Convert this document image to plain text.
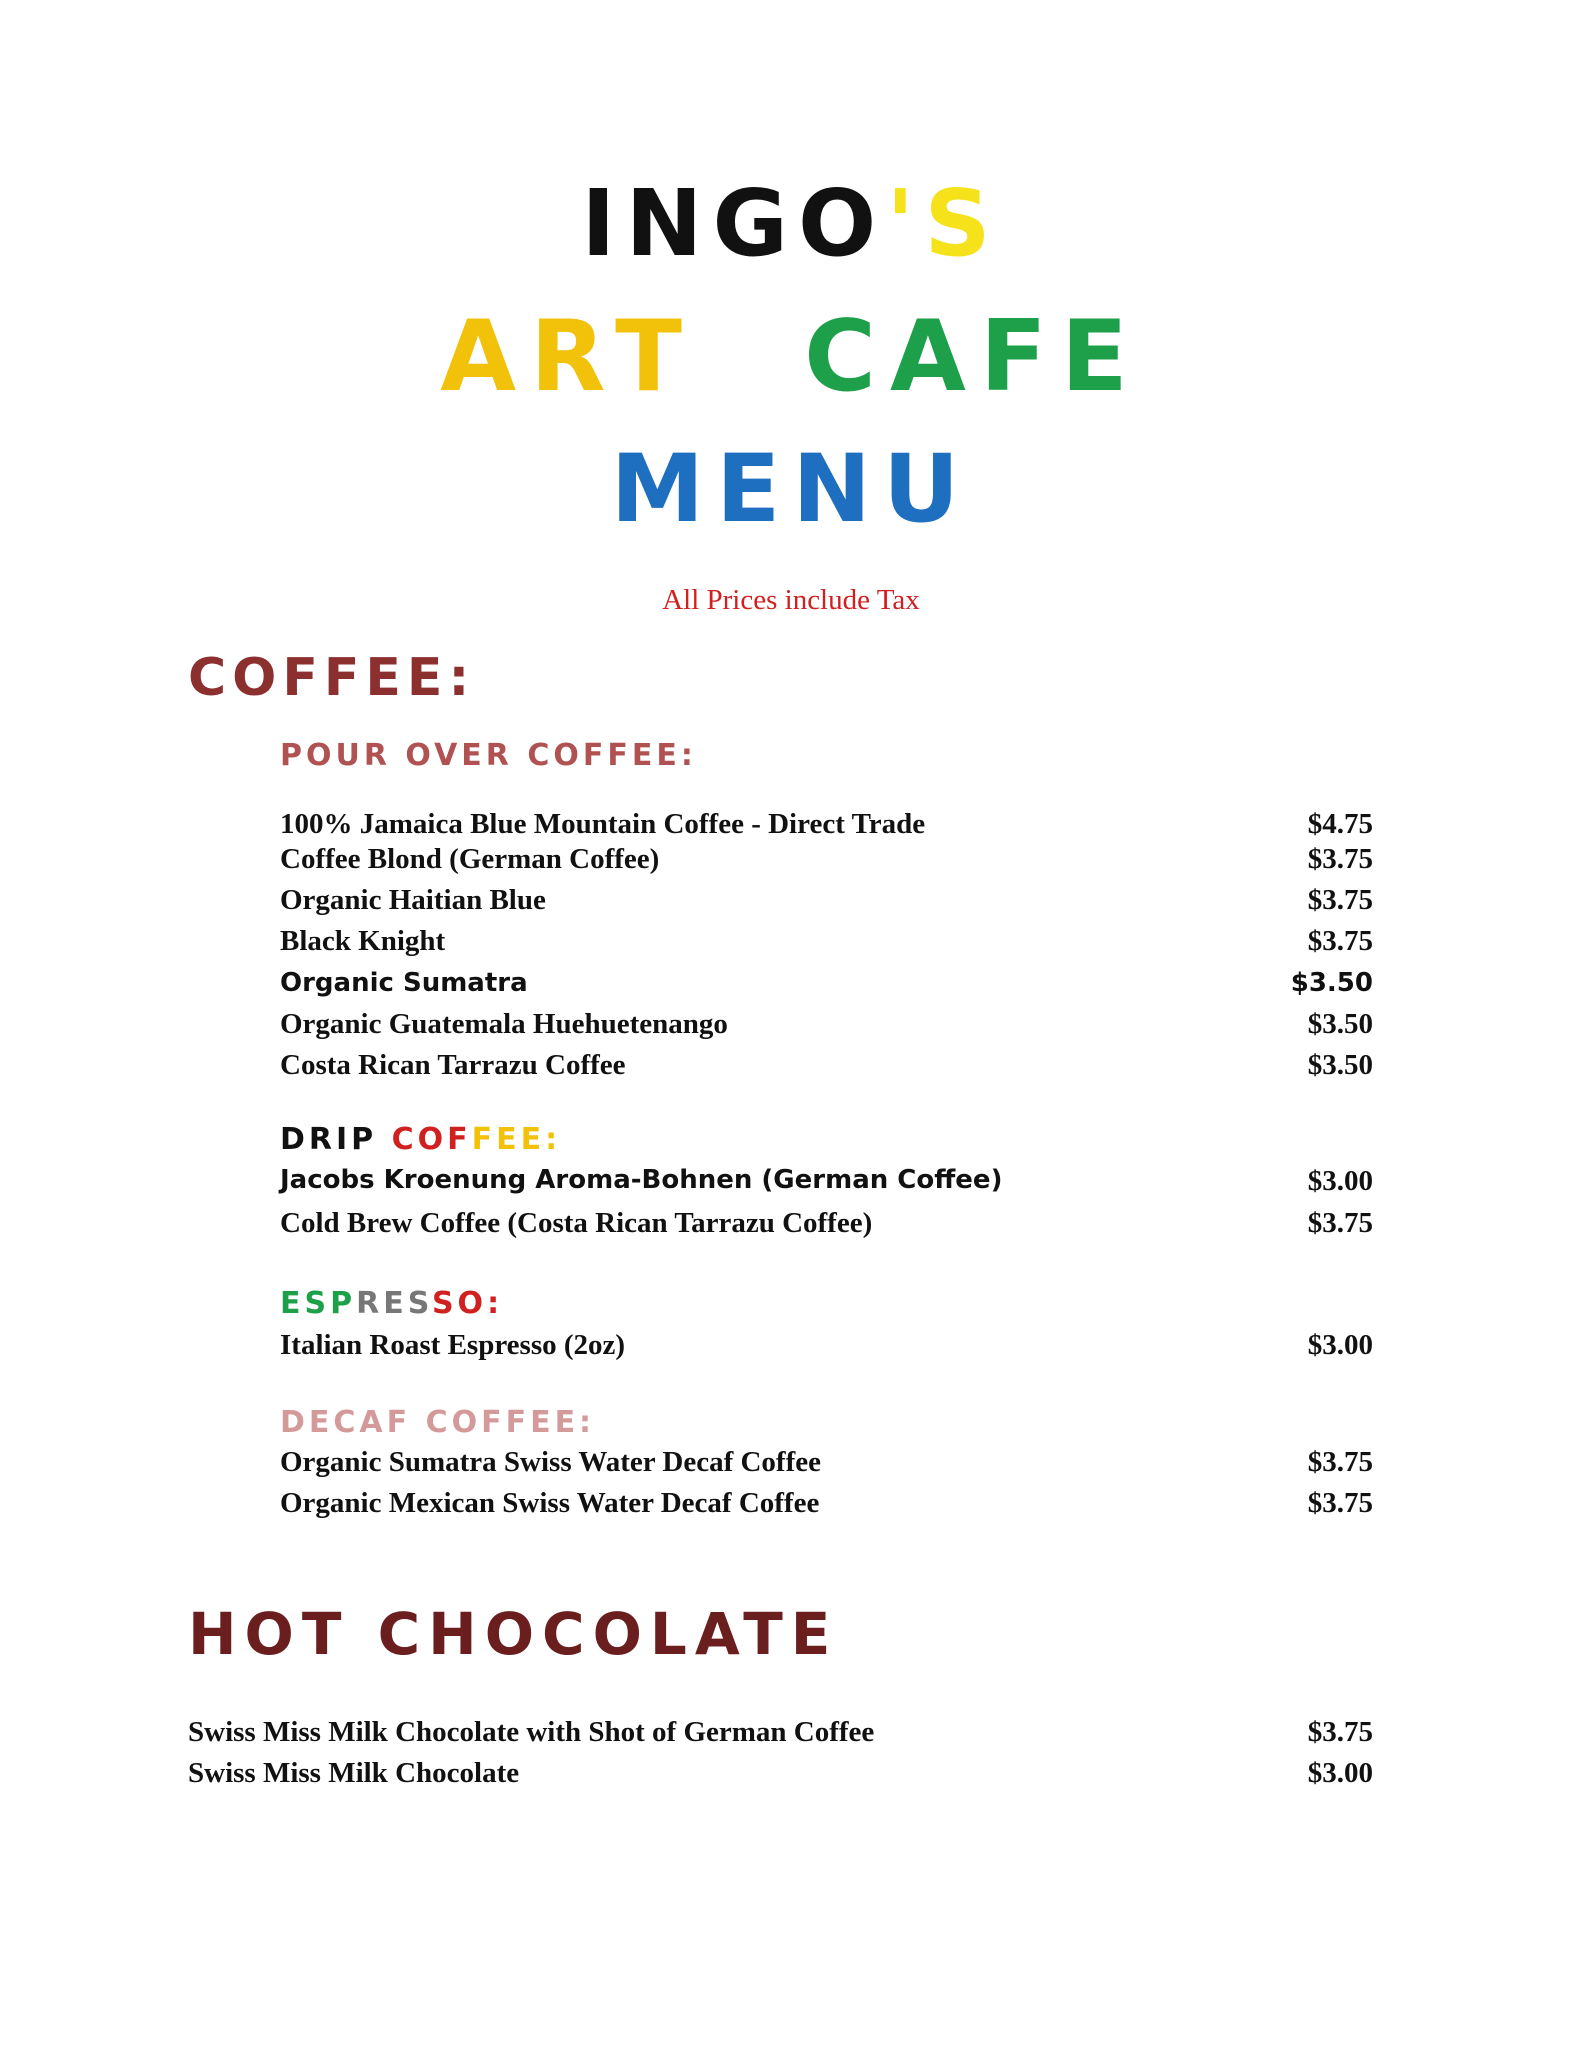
INGO'S
ART CAFE
MENU
All Prices include Tax
COFFEE:
POUR OVER COFFEE:
100% Jamaica Blue Mountain Coffee - Direct Trade	$4.75
Coffee Blond (German Coffee)	$3.75
Organic Haitian Blue	$3.75
Black Knight	$3.75
Organic Sumatra	$3.50
Organic Guatemala Huehuetenango	$3.50
Costa Rican Tarrazu Coffee	$3.50
DRIP COFFEE:
Jacobs Kroenung Aroma-Bohnen (German Coffee)	$3.00
Cold Brew Coffee (Costa Rican Tarrazu Coffee)	$3.75
ESPRESSO:
Italian Roast Espresso (2oz)	$3.00
DECAF COFFEE:
Organic Sumatra Swiss Water Decaf Coffee	$3.75
Organic Mexican Swiss Water Decaf Coffee	$3.75
HOT CHOCOLATE
Swiss Miss Milk Chocolate with Shot of German Coffee	$3.75
Swiss Miss Milk Chocolate	$3.00
